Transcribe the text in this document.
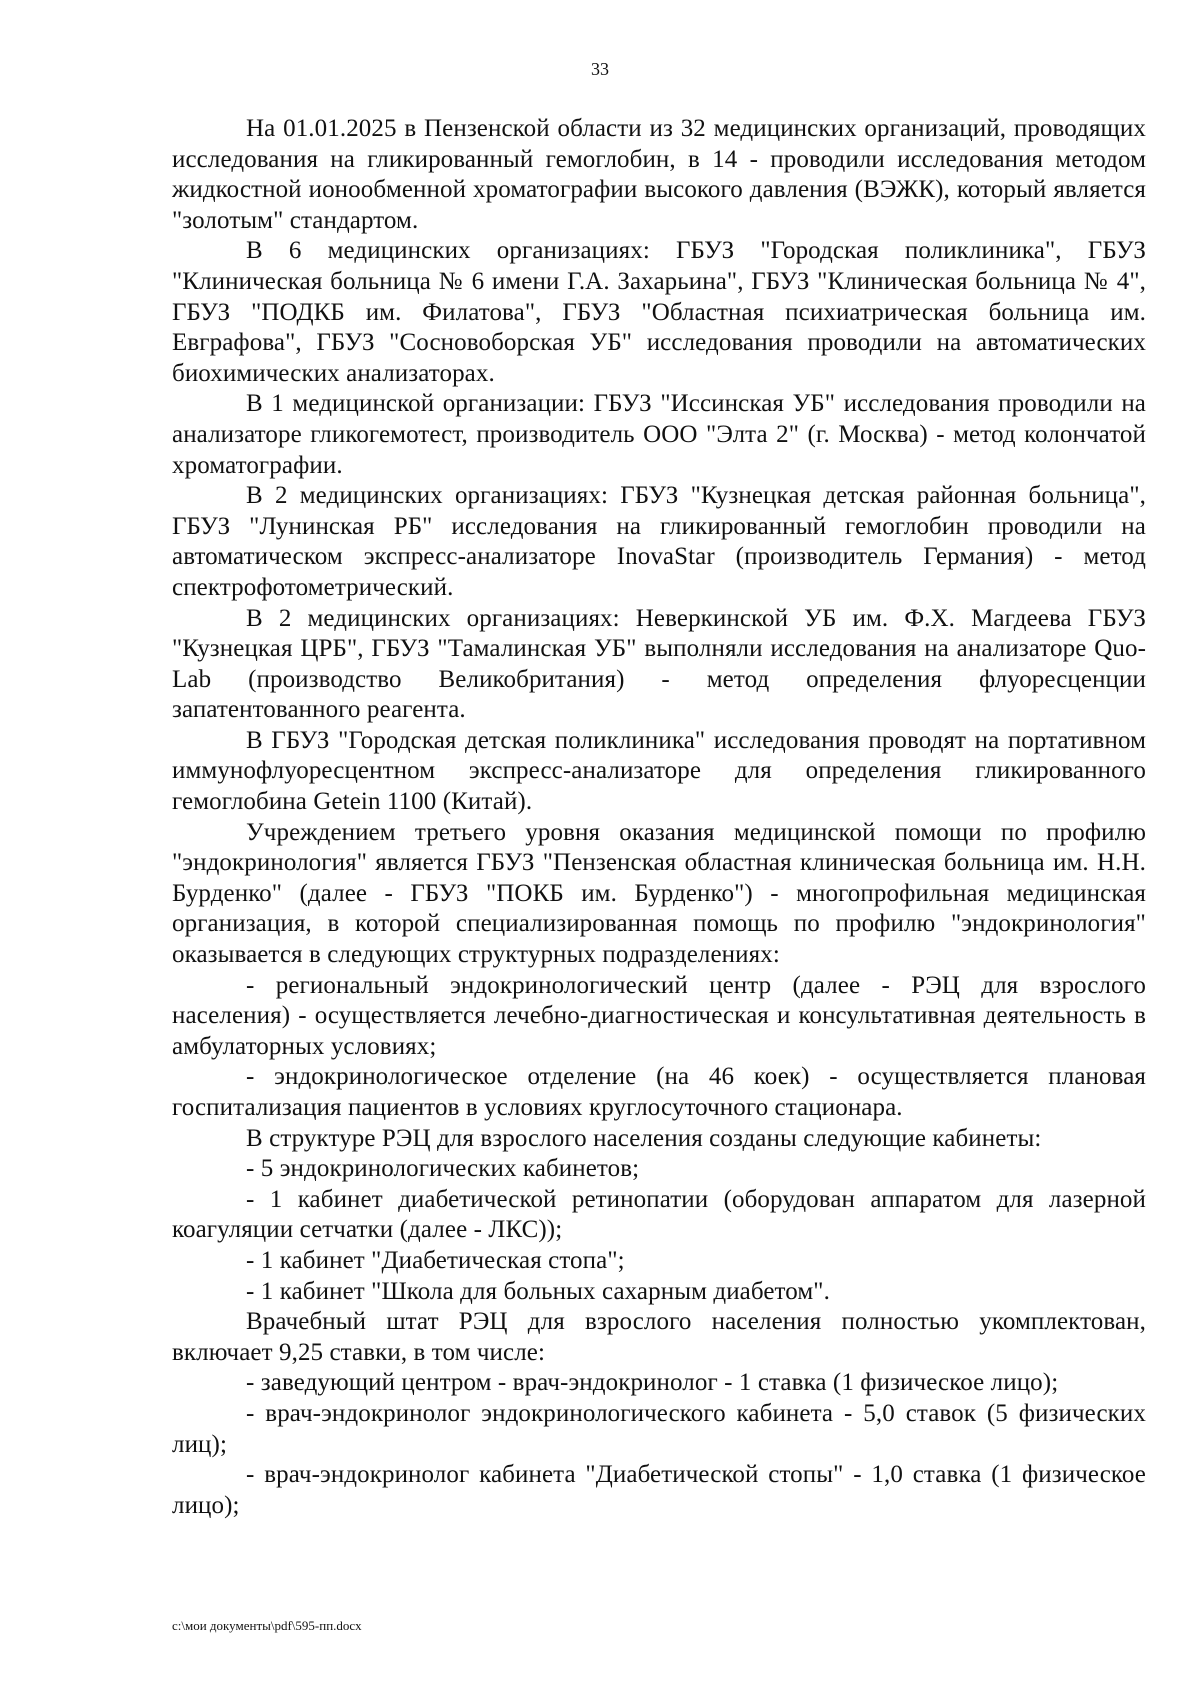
33

На 01.01.2025 в Пензенской области из 32 медицинских организаций, проводящих исследования на гликированный гемоглобин, в 14 - проводили исследования методом жидкостной ионообменной хроматографии высокого давления (ВЭЖК), который является "золотым" стандартом.

В 6 медицинских организациях: ГБУЗ "Городская поликлиника", ГБУЗ "Клиническая больница № 6 имени Г.А. Захарьина", ГБУЗ "Клиническая больница № 4", ГБУЗ "ПОДКБ им. Филатова", ГБУЗ "Областная психиатрическая больница им. Евграфова", ГБУЗ "Сосновоборская УБ" исследования проводили на автоматических биохимических анализаторах.

В 1 медицинской организации: ГБУЗ "Иссинская УБ" исследования проводили на анализаторе гликогемотест, производитель ООО "Элта 2" (г. Москва) - метод колончатой хроматографии.

В 2 медицинских организациях: ГБУЗ "Кузнецкая детская районная больница", ГБУЗ "Лунинская РБ" исследования на гликированный гемоглобин проводили на автоматическом экспресс-анализаторе InovaStar (производитель Германия) - метод спектрофотометрический.

В 2 медицинских организациях: Неверкинской УБ им. Ф.Х. Магдеева ГБУЗ "Кузнецкая ЦРБ", ГБУЗ "Тамалинская УБ" выполняли исследования на анализаторе Quo-Lab (производство Великобритания) - метод определения флуоресценции запатентованного реагента.

В ГБУЗ "Городская детская поликлиника" исследования проводят на портативном иммунофлуоресцентном экспресс-анализаторе для определения гликированного гемоглобина Getein 1100 (Китай).

Учреждением третьего уровня оказания медицинской помощи по профилю "эндокринология" является ГБУЗ "Пензенская областная клиническая больница им. Н.Н. Бурденко" (далее - ГБУЗ "ПОКБ им. Бурденко") - многопрофильная медицинская организация, в которой специализированная помощь по профилю "эндокринология" оказывается в следующих структурных подразделениях:

- региональный эндокринологический центр (далее - РЭЦ для взрослого населения) - осуществляется лечебно-диагностическая и консультативная деятельность в амбулаторных условиях;

- эндокринологическое отделение (на 46 коек) - осуществляется плановая госпитализация пациентов в условиях круглосуточного стационара.

В структуре РЭЦ для взрослого населения созданы следующие кабинеты:

- 5 эндокринологических кабинетов;

- 1 кабинет диабетической ретинопатии (оборудован аппаратом для лазерной коагуляции сетчатки (далее - ЛКС));

- 1 кабинет "Диабетическая стопа";

- 1 кабинет "Школа для больных сахарным диабетом".

Врачебный штат РЭЦ для взрослого населения полностью укомплектован, включает 9,25 ставки, в том числе:

- заведующий центром - врач-эндокринолог - 1 ставка (1 физическое лицо);

- врач-эндокринолог эндокринологического кабинета - 5,0 ставок (5 физических лиц);

- врач-эндокринолог кабинета "Диабетической стопы" - 1,0 ставка (1 физическое лицо);

c:\мои документы\pdf\595-пп.docx
